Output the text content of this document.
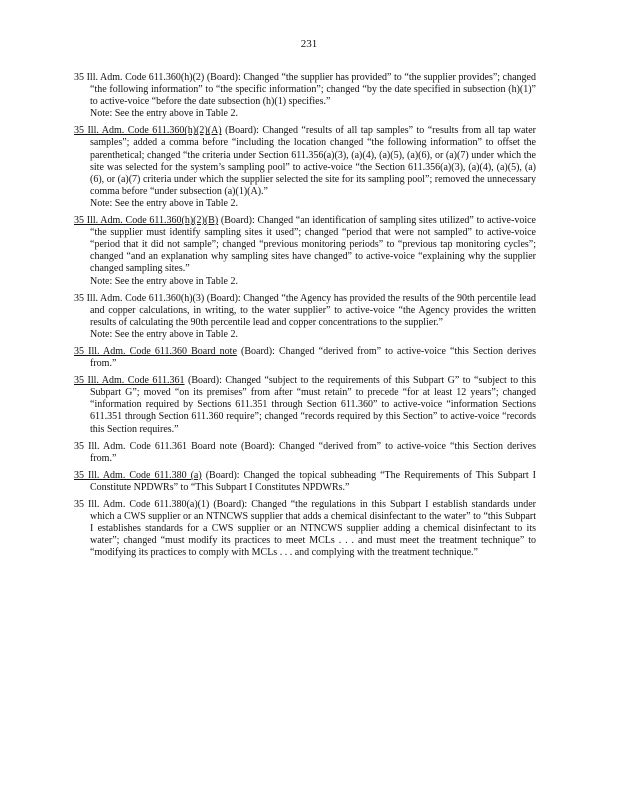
231
35 Ill. Adm. Code 611.360(h)(2) (Board): Changed “the supplier has provided” to “the supplier provides”; changed “the following information” to “the specific information”; changed “by the date specified in subsection (h)(1)” to active-voice “before the date subsection (h)(1) specifies.”
Note: See the entry above in Table 2.
35 Ill. Adm. Code 611.360(h)(2)(A) (Board): Changed “results of all tap samples” to “results from all tap water samples”; added a comma before “including the location changed “the following information” to offset the parenthetical; changed “the criteria under Section 611.356(a)(3), (a)(4), (a)(5), (a)(6), or (a)(7) under which the site was selected for the system’s sampling pool” to active-voice “the Section 611.356(a)(3), (a)(4), (a)(5), (a)(6), or (a)(7) criteria under which the supplier selected the site for its sampling pool”; removed the unnecessary comma before “under subsection (a)(1)(A).”
Note: See the entry above in Table 2.
35 Ill. Adm. Code 611.360(h)(2)(B) (Board): Changed “an identification of sampling sites utilized” to active-voice “the supplier must identify sampling sites it used”; changed “period that were not sampled” to active-voice “period that it did not sample”; changed “previous monitoring periods” to “previous tap monitoring cycles”; changed “and an explanation why sampling sites have changed” to active-voice “explaining why the supplier changed sampling sites.”
Note: See the entry above in Table 2.
35 Ill. Adm. Code 611.360(h)(3) (Board): Changed “the Agency has provided the results of the 90th percentile lead and copper calculations, in writing, to the water supplier” to active-voice “the Agency provides the written results of calculating the 90th percentile lead and copper concentrations to the supplier.”
Note: See the entry above in Table 2.
35 Ill. Adm. Code 611.360 Board note (Board): Changed “derived from” to active-voice “this Section derives from.”
35 Ill. Adm. Code 611.361 (Board): Changed “subject to the requirements of this Subpart G” to “subject to this Subpart G”; moved “on its premises” from after “must retain” to precede “for at least 12 years”; changed “information required by Sections 611.351 through Section 611.360” to active-voice “information Sections 611.351 through Section 611.360 require”; changed “records required by this Section” to active-voice “records this Section requires.”
35 Ill. Adm. Code 611.361 Board note (Board): Changed “derived from” to active-voice “this Section derives from.”
35 Ill. Adm. Code 611.380 (a) (Board): Changed the topical subheading “The Requirements of This Subpart I Constitute NPDWRs” to “This Subpart I Constitutes NPDWRs.”
35 Ill. Adm. Code 611.380(a)(1) (Board): Changed “the regulations in this Subpart I establish standards under which a CWS supplier or an NTNCWS supplier that adds a chemical disinfectant to the water” to “this Subpart I establishes standards for a CWS supplier or an NTNCWS supplier adding a chemical disinfectant to its water”; changed “must modify its practices to meet MCLs . . . and must meet the treatment technique” to “modifying its practices to comply with MCLs . . . and complying with the treatment technique.”
